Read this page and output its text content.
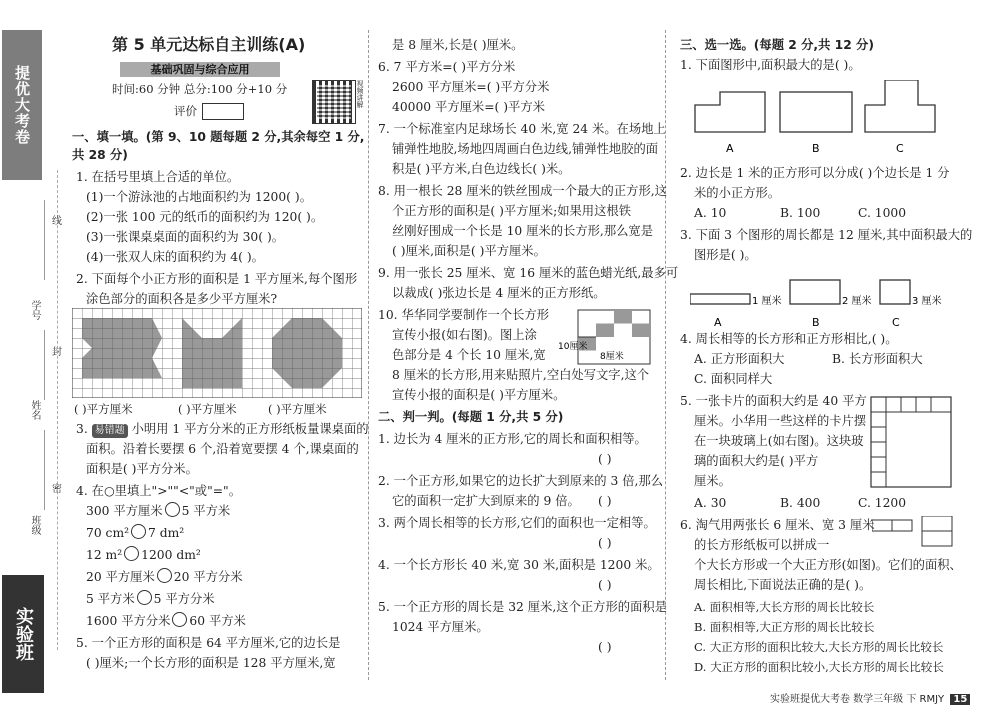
提优大考卷
学号
姓名
班级
线
封
密
实验班
第 5 单元达标自主训练(A)
基础巩固与综合应用
时间:60 分钟 总分:100 分+10 分
评价
视频讲解
一、填一填。(第 9、10 题每题 2 分,其余每空 1 分,
共 28 分)
1. 在括号里填上合适的单位。
(1)一个游泳池的占地面积约为 1200( )。
(2)一张 100 元的纸币的面积约为 120( )。
(3)一张课桌桌面的面积约为 30( )。
(4)一张双人床的面积约为 4( )。
2. 下面每个小正方形的面积是 1 平方厘米,每个图形
涂色部分的面积各是多少平方厘米?
( )平方厘米	( )平方厘米	( )平方厘米
3. 易错题 小明用 1 平方分米的正方形纸板量课桌面的
面积。沿着长要摆 6 个,沿着宽要摆 4 个,课桌面的
面积是( )平方分米。
4. 在○里填上">""<"或"="。
300 平方厘米 5 平方米
70 cm² 7 dm²
12 m² 1200 dm²
20 平方厘米 20 平方分米
5 平方米 5 平方分米
1600 平方分米 60 平方米
5. 一个正方形的面积是 64 平方厘米,它的边长是
( )厘米;一个长方形的面积是 128 平方厘米,宽
是 8 厘米,长是( )厘米。
6. 7 平方米=( )平方分米
2600 平方厘米=( )平方分米
40000 平方厘米=( )平方米
7. 一个标准室内足球场长 40 米,宽 24 米。在场地上
铺弹性地胶,场地四周画白色边线,铺弹性地胶的面
积是( )平方米,白色边线长( )米。
8. 用一根长 28 厘米的铁丝围成一个最大的正方形,这
个正方形的面积是( )平方厘米;如果用这根铁
丝刚好围成一个长是 10 厘米的长方形,那么宽是
( )厘米,面积是( )平方厘米。
9. 用一张长 25 厘米、宽 16 厘米的蓝色蜡光纸,最多可
以裁成( )张边长是 4 厘米的正方形纸。
10. 华华同学要制作一个长方形
宣传小报(如右图)。图上涂
色部分是 4 个长 10 厘米,宽
8 厘米的长方形,用来贴照片,空白处写文字,这个
宣传小报的面积是( )平方厘米。
10厘米
8厘米
二、判一判。(每题 1 分,共 5 分)
1. 边长为 4 厘米的正方形,它的周长和面积相等。
( )
2. 一个正方形,如果它的边长扩大到原来的 3 倍,那么
它的面积一定扩大到原来的 9 倍。 ( )
3. 两个周长相等的长方形,它们的面积也一定相等。
( )
4. 一个长方形长 40 米,宽 30 米,面积是 1200 米。
( )
5. 一个正方形的周长是 32 厘米,这个正方形的面积是
1024 平方厘米。
( )
三、选一选。(每题 2 分,共 12 分)
1. 下面图形中,面积最大的是( )。
A	B	C
2. 边长是 1 米的正方形可以分成( )个边长是 1 分
米的小正方形。
A. 10	B. 100	C. 1000
3. 下面 3 个图形的周长都是 12 厘米,其中面积最大的
图形是( )。
1 厘米	2 厘米	3 厘米
A	B	C
4. 周长相等的长方形和正方形相比,( )。
A. 正方形面积大	B. 长方形面积大
C. 面积同样大
5. 一张卡片的面积大约是 40 平方
厘米。小华用一些这样的卡片摆
在一块玻璃上(如右图)。这块玻
璃的面积大约是( )平方
厘米。
A. 30	B. 400	C. 1200
6. 淘气用两张长 6 厘米、宽 3 厘米
的长方形纸板可以拼成一
个大长方形或一个大正方形(如图)。它们的面积、
周长相比,下面说法正确的是( )。
A. 面积相等,大长方形的周长比较长
B. 面积相等,大正方形的周长比较长
C. 大正方形的面积比较大,大长方形的周长比较长
D. 大正方形的面积比较小,大长方形的周长比较长
实验班提优大考卷 数学三年级 下 RMJY 15
